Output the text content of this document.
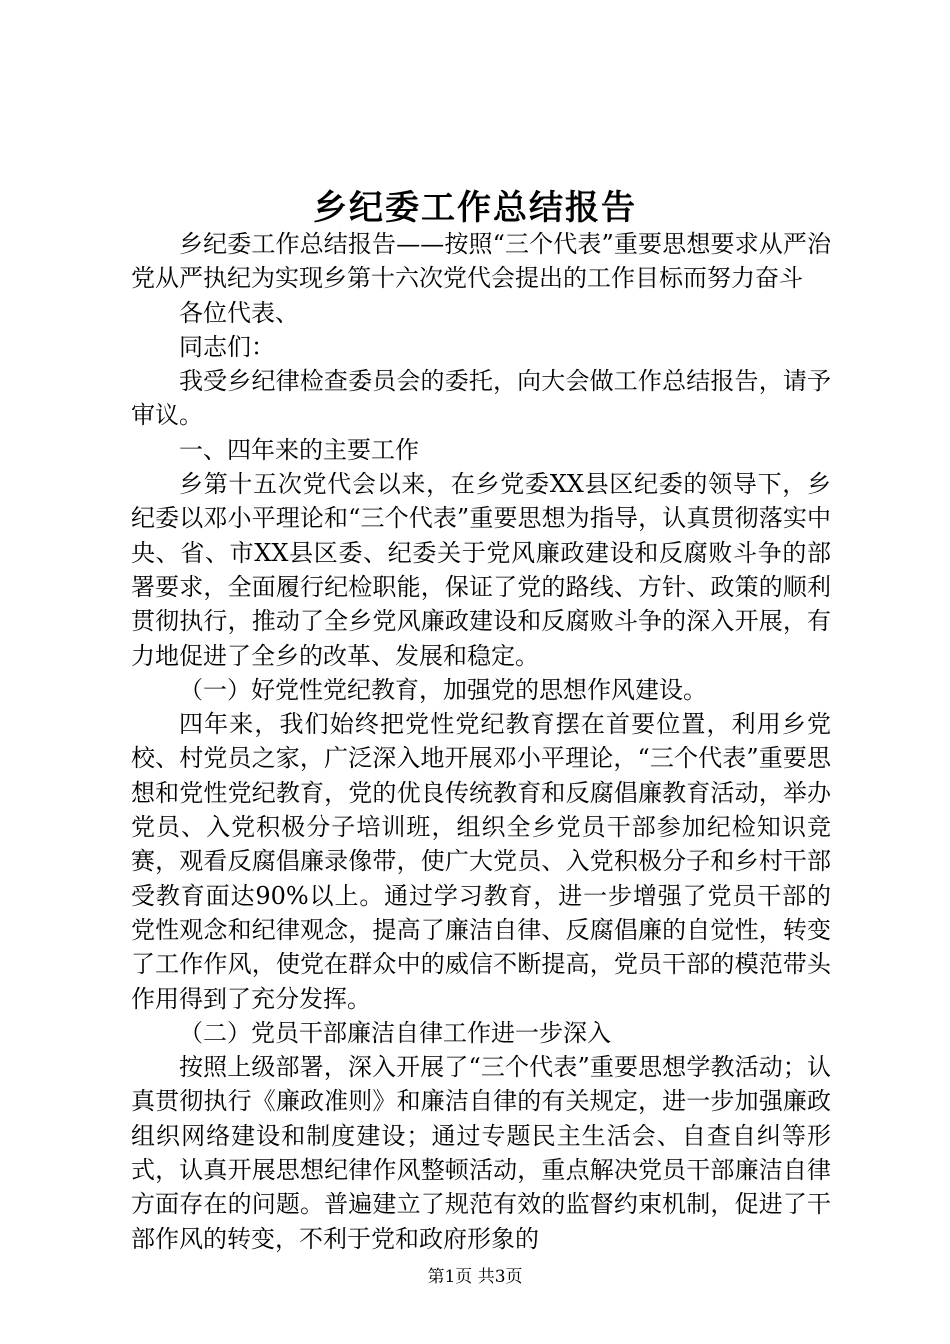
乡纪委工作总结报告

乡纪委工作总结报告——按照“三个代表”重要思想要求从严治党从严执纪为实现乡第十六次党代会提出的工作目标而努力奋斗

各位代表、

同志们：

我受乡纪律检查委员会的委托，向大会做工作总结报告，请予审议。

一、四年来的主要工作

乡第十五次党代会以来，在乡党委XX县区纪委的领导下，乡纪委以邓小平理论和“三个代表”重要思想为指导，认真贯彻落实中央、省、市XX县区委、纪委关于党风廉政建设和反腐败斗争的部署要求，全面履行纪检职能，保证了党的路线、方针、政策的顺利贯彻执行，推动了全乡党风廉政建设和反腐败斗争的深入开展，有力地促进了全乡的改革、发展和稳定。

（一）好党性党纪教育，加强党的思想作风建设。

四年来，我们始终把党性党纪教育摆在首要位置，利用乡党校、村党员之家，广泛深入地开展邓小平理论，“三个代表”重要思想和党性党纪教育，党的优良传统教育和反腐倡廉教育活动，举办党员、入党积极分子培训班，组织全乡党员干部参加纪检知识竞赛，观看反腐倡廉录像带，使广大党员、入党积极分子和乡村干部受教育面达90%以上。通过学习教育，进一步增强了党员干部的党性观念和纪律观念，提高了廉洁自律、反腐倡廉的自觉性，转变了工作作风，使党在群众中的威信不断提高，党员干部的模范带头作用得到了充分发挥。

（二）党员干部廉洁自律工作进一步深入

按照上级部署，深入开展了“三个代表”重要思想学教活动；认真贯彻执行《廉政准则》和廉洁自律的有关规定，进一步加强廉政组织网络建设和制度建设；通过专题民主生活会、自查自纠等形式，认真开展思想纪律作风整顿活动，重点解决党员干部廉洁自律方面存在的问题。普遍建立了规范有效的监督约束机制，促进了干部作风的转变，不利于党和政府形象的

第1页 共3页
